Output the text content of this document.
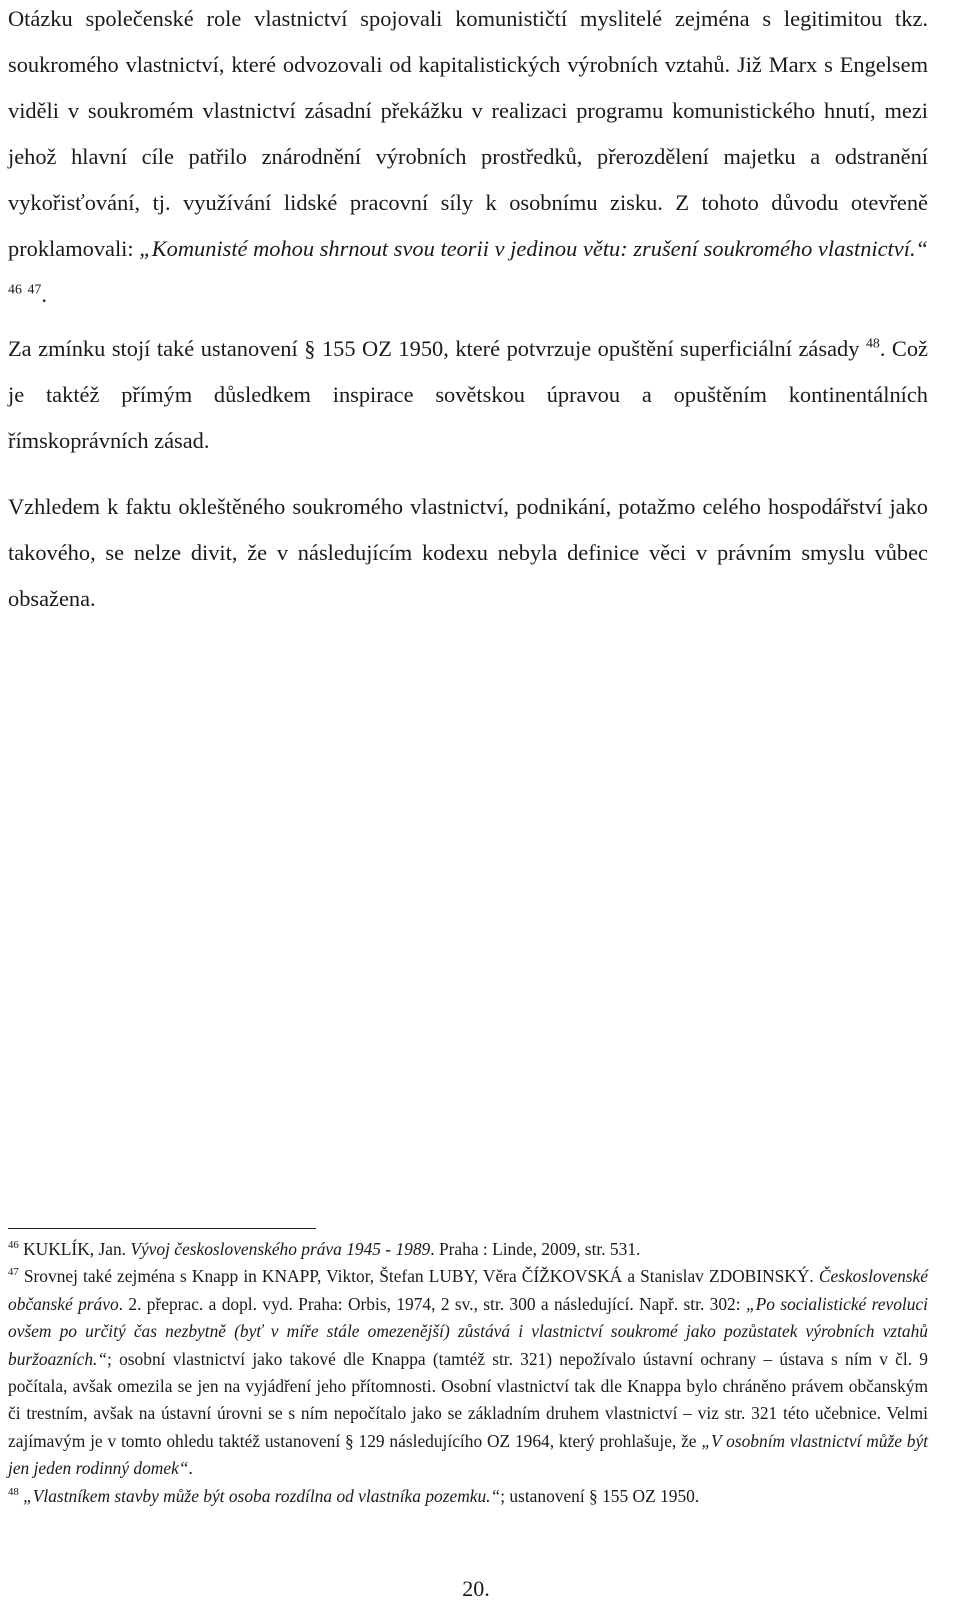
Otázku společenské role vlastnictví spojovali komunističtí myslitelé zejména s legitimitou tkz. soukromého vlastnictví, které odvozovali od kapitalistických výrobních vztahů. Již Marx s Engelsem viděli v soukromém vlastnictví zásadní překážku v realizaci programu komunistického hnutí, mezi jehož hlavní cíle patřilo znárodnění výrobních prostředků, přerozdělení majetku a odstranění vykořisťování, tj. využívání lidské pracovní síly k osobnímu zisku. Z tohoto důvodu otevřeně proklamovali: „Komunisté mohou shrnout svou teorii v jedinou větu: zrušení soukromého vlastnictví.“ $^{46}$ $^{47}$.

Za zmínku stojí také ustanovení § 155 OZ 1950, které potvrzuje opuštění superficiální zásady $^{48}$. Což je taktéž přímým důsledkem inspirace sovětskou úpravou a opuštěním kontinentálních římskoprávních zásad.

Vzhledem k faktu okleštěného soukromého vlastnictví, podnikání, potažmo celého hospodářství jako takového, se nelze divit, že v následujícím kodexu nebyla definice věci v právním smyslu vůbec obsažena.

$^{46}$ KUKLÍK, Jan. Vývoj československého práva 1945 - 1989. Praha : Linde, 2009, str. 531.

$^{47}$ Srovnej také zejména s Knapp in KNAPP, Viktor, Štefan LUBY, Věra ČÍŽKOVSKÁ a Stanislav ZDOBINSKÝ. Československé občanské právo. 2. přeprac. a dopl. vyd. Praha: Orbis, 1974, 2 sv., str. 300 a následující. Např. str. 302: „Po socialistické revoluci ovšem po určitý čas nezbytně (byť v míře stále omezenější) zůstává i vlastnictví soukromé jako pozůstatek výrobních vztahů buržoazních.“; osobní vlastnictví jako takové dle Knappa (tamtéž str. 321) nepožívalo ústavní ochrany – ústava s ním v čl. 9 počítala, avšak omezila se jen na vyjádření jeho přítomnosti. Osobní vlastnictví tak dle Knappa bylo chráněno právem občanským či trestním, avšak na ústavní úrovni se s ním nepočítalo jako se základním druhem vlastnictví – viz str. 321 této učebnice. Velmi zajímavým je v tomto ohledu taktéž ustanovení § 129 následujícího OZ 1964, který prohlašuje, že „V osobním vlastnictví může být jen jeden rodinný domek“.

$^{48}$ „Vlastníkem stavby může být osoba rozdílna od vlastníka pozemku.“; ustanovení § 155 OZ 1950.

20.
